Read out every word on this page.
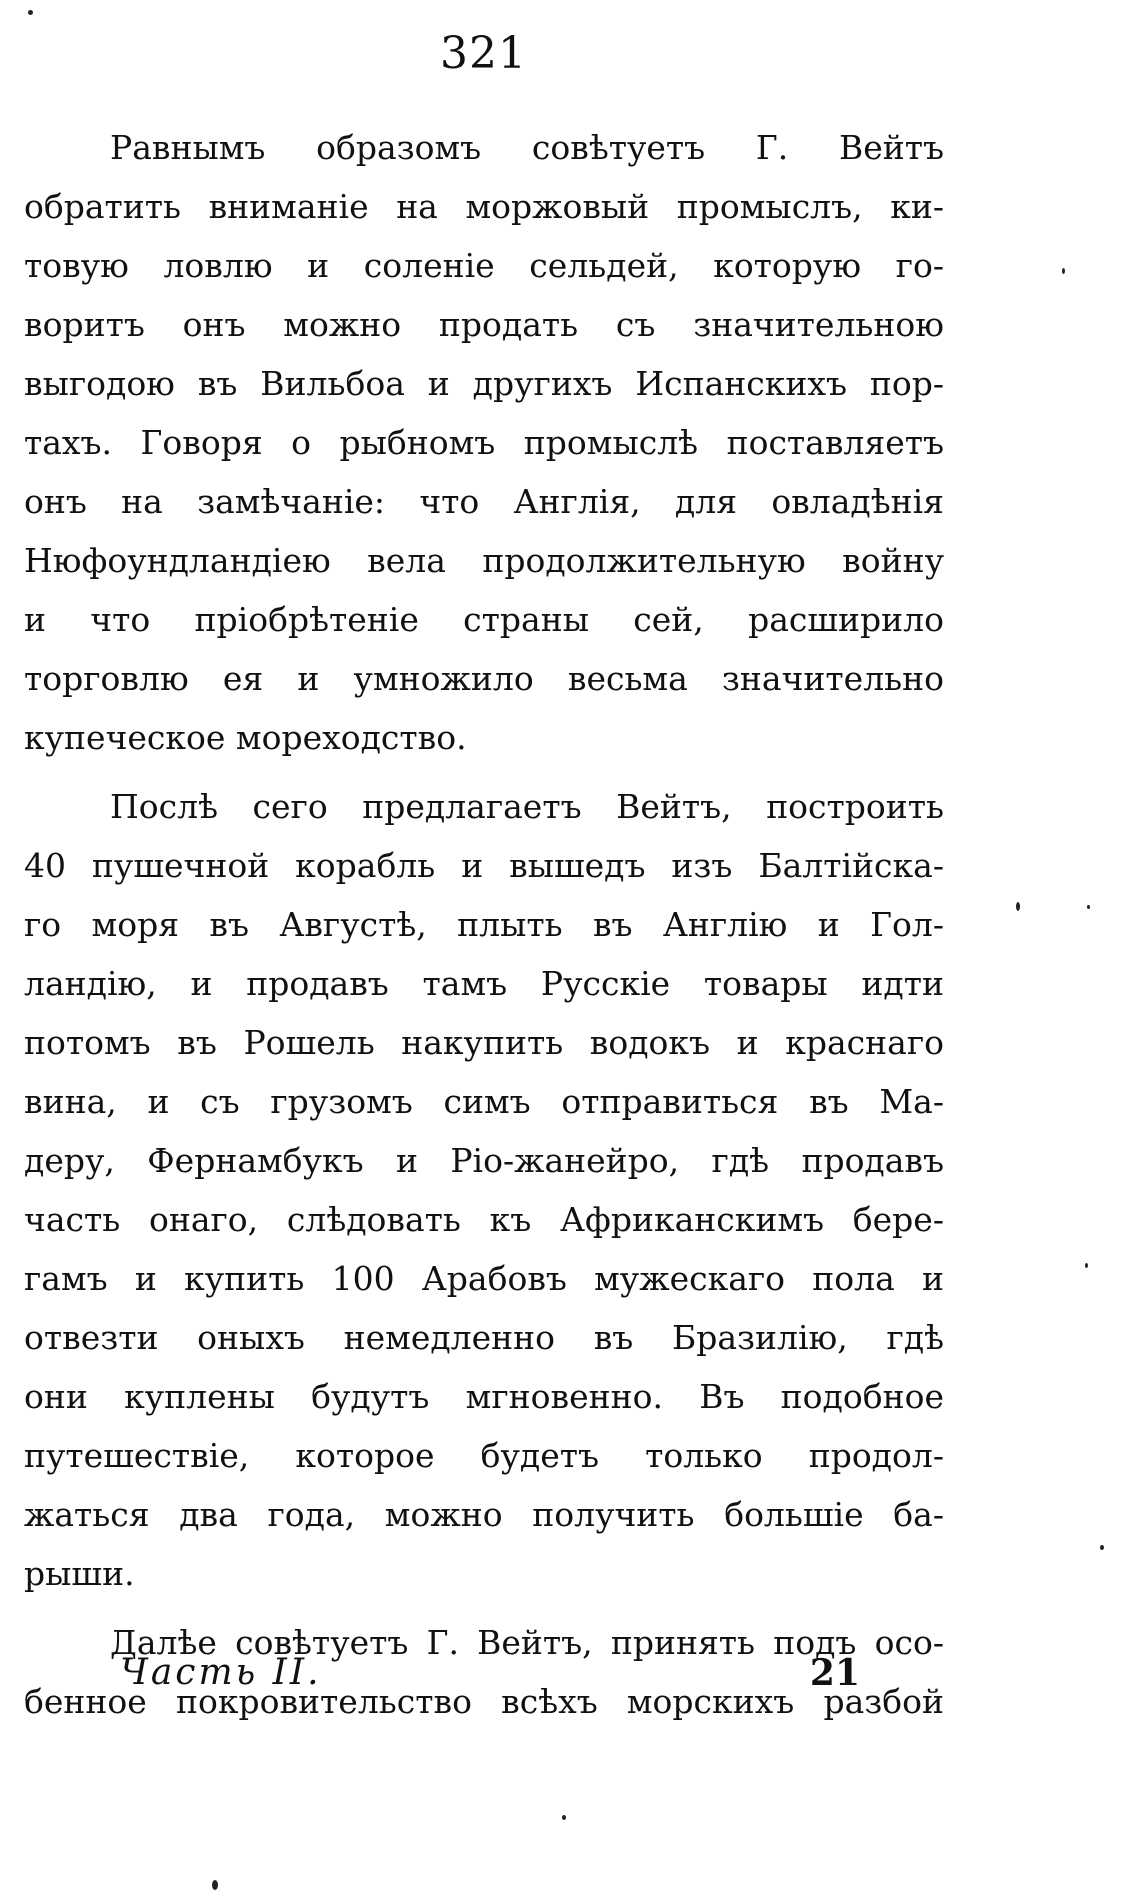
321
Равнымъ образомъ совѣтуетъ Г. Вейтъ
обратить вниманіе на моржовый промыслъ, ки-
товую ловлю и соленіе сельдей, которую го-
воритъ онъ можно продать съ значительною
выгодою въ Вильбоа и другихъ Испанскихъ пор-
тахъ. Говоря о рыбномъ промыслѣ поставляетъ
онъ на замѣчаніе: что Англія, для овладѣнія
Нюфоундландіею вела продолжительную войну
и что пріобрѣтеніе страны сей, расширило
торговлю ея и умножило весьма значительно
купеческое мореходство.
Послѣ сего предлагаетъ Вейтъ, построить
40 пушечной корабль и вышедъ изъ Балтійска-
го моря въ Августѣ, плыть въ Англію и Гол-
ландію, и продавъ тамъ Русскіе товары идти
потомъ въ Рошель накупить водокъ и краснаго
вина, и съ грузомъ симъ отправиться въ Ма-
деру, Фернамбукъ и Ріо-жанейро, гдѣ продавъ
часть онаго, слѣдовать къ Африканскимъ бере-
гамъ и купить 100 Арабовъ мужескаго пола и
отвезти оныхъ немедленно въ Бразилію, гдѣ
они куплены будутъ мгновенно. Въ подобное
путешествіе, которое будетъ только продол-
жаться два года, можно получить большіе ба-
рыши.
Далѣе совѣтуетъ Г. Вейтъ, принять подъ осо-
бенное покровительство всѣхъ морскихъ разбой
Часть II.	21
